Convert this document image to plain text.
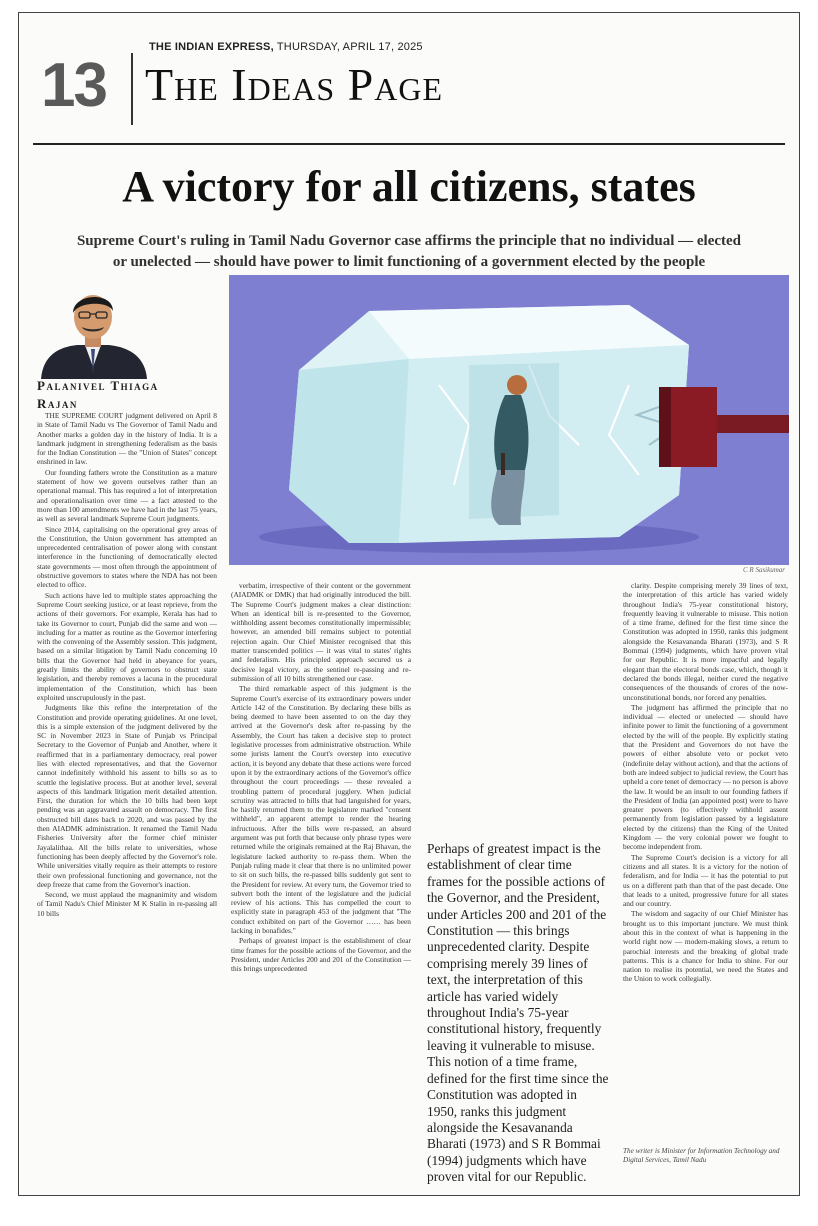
13
THE INDIAN EXPRESS, THURSDAY, APRIL 17, 2025
The Ideas Page
A victory for all citizens, states
Supreme Court's ruling in Tamil Nadu Governor case affirms the principle that no individual — elected or unelected — should have power to limit functioning of a government elected by the people
Palanivel Thiaga Rajan
C R Sasikumar

THE SUPREME COURT judgment delivered on April 8 in State of Tamil Nadu vs The Governor of Tamil Nadu and Another marks a golden day in the history of India. It is a landmark judgment in strengthening federalism as the basis for the Indian Constitution — the "Union of States" concept enshrined in law.

Our founding fathers wrote the Constitution as a mature statement of how we govern ourselves rather than an operational manual. This has required a lot of interpretation and operationalisation over time — a fact attested to the more than 100 amendments we have had in the last 75 years, as well as several landmark Supreme Court judgments.

Since 2014, capitalising on the operational grey areas of the Constitution, the Union government has attempted an unprecedented centralisation of power along with constant interference in the functioning of democratically elected state governments — most often through the appointment of obstructive governors to states where the NDA has not been elected to office.

Such actions have led to multiple states approaching the Supreme Court seeking justice, or at least reprieve, from the actions of their governors. For example, Kerala has had to take its Governor to court, Punjab did the same and won — including for a matter as routine as the Governor interfering with the convening of the Assembly session. This judgment, based on a similar litigation by Tamil Nadu concerning 10 bills that the Governor had held in abeyance for years, greatly limits the ability of governors to obstruct state legislation, and thereby removes a lacuna in the procedural implementation of the Constitution, which has been exploited unscrupulously in the past.

Judgments like this refine the interpretation of the Constitution and provide operating guidelines. At one level, this is a simple extension of the judgment delivered by the SC in November 2023 in State of Punjab vs Principal Secretary to the Governor of Punjab and Another, where it reaffirmed that in a parliamentary democracy, real power lies with elected representatives, and that the Governor cannot indefinitely withhold his assent to bills so as to scuttle the legislative process. But at another level, several aspects of this landmark litigation merit detailed attention. First, the duration for which the 10 bills had been kept pending was an aggravated assault on democracy. The first obstructed bill dates back to 2020, and was passed by the then AIADMK administration. It renamed the Tamil Nadu Fisheries University after the former chief minister Jayalalithaa. All the bills relate to universities, whose functioning has been deeply affected by the Governor's role. While universities vitally require as their attempts to restore their own professional functioning and governance, not the deep freeze that came from the Governor's inaction.

Second, we must applaud the magnanimity and wisdom of Tamil Nadu's Chief Minister M K Stalin in re-passing all 10 bills

verbatim, irrespective of their content or the government (AIADMK or DMK) that had originally introduced the bill. The Supreme Court's judgment makes a clear distinction: When an identical bill is re-presented to the Governor, withholding assent becomes constitutionally impermissible; however, an amended bill remains subject to potential rejection again. Our Chief Minister recognised that this matter transcended politics — it was vital to states' rights and federalism. His principled approach secured us a decisive legal victory, as the sentinel re-passing and re-submission of all 10 bills strengthened our case.

The third remarkable aspect of this judgment is the Supreme Court's exercise of its extraordinary powers under Article 142 of the Constitution. By declaring these bills as being deemed to have been assented to on the day they arrived at the Governor's desk after re-passing by the Assembly, the Court has taken a decisive step to protect legislative processes from administrative obstruction. While some jurists lament the Court's overstep into executive action, it is beyond any debate that these actions were forced upon it by the extraordinary actions of the Governor's office throughout the court proceedings — these revealed a troubling pattern of procedural jugglery. When judicial scrutiny was attracted to bills that had languished for years, he hastily returned them to the legislature marked "consent withheld", an apparent attempt to render the hearing infructuous. After the bills were re-passed, an absurd argument was put forth that because only phrase types were returned while the originals remained at the Raj Bhavan, the legislature lacked authority to re-pass them. When the Punjab ruling made it clear that there is no unlimited power to sit on such bills, the re-passed bills suddenly got sent to the President for review. At every turn, the Governor tried to subvert both the intent of the legislature and the judicial review of his actions. This has compelled the court to explicitly state in paragraph 453 of the judgment that "The conduct exhibited on part of the Governor …… has been lacking in bonafides."

Perhaps of greatest impact is the establishment of clear time frames for the possible actions of the Governor, and the President, under Articles 200 and 201 of the Constitution — this brings unprecedented

Perhaps of greatest impact is the establishment of clear time frames for the possible actions of the Governor, and the President, under Articles 200 and 201 of the Constitution — this brings unprecedented clarity. Despite comprising merely 39 lines of text, the interpretation of this article has varied widely throughout India's 75-year constitutional history, frequently leaving it vulnerable to misuse. This notion of a time frame, defined for the first time since the Constitution was adopted in 1950, ranks this judgment alongside the Kesavananda Bharati (1973) and S R Bommai (1994) judgments which have proven vital for our Republic.

clarity. Despite comprising merely 39 lines of text, the interpretation of this article has varied widely throughout India's 75-year constitutional history, frequently leaving it vulnerable to misuse. This notion of a time frame, defined for the first time since the Constitution was adopted in 1950, ranks this judgment alongside the Kesavananda Bharati (1973), and S R Bommai (1994) judgments, which have proven vital for our Republic. It is more impactful and legally elegant than the electoral bonds case, which, though it declared the bonds illegal, neither cured the negative consequences of the thousands of crores of the now-unconstitutional bonds, nor forced any penalties.

The judgment has affirmed the principle that no individual — elected or unelected — should have infinite power to limit the functioning of a government elected by the will of the people. By explicitly stating that the President and Governors do not have the powers of either absolute veto or pocket veto (indefinite delay without action), and that the actions of both are indeed subject to judicial review, the Court has upheld a core tenet of democracy — no person is above the law. It would be an insult to our founding fathers if the President of India (an appointed post) were to have greater powers (to effectively withhold assent permanently from legislation passed by a legislature elected by the citizens) than the King of the United Kingdom — the very colonial power we fought to become independent from.

The Supreme Court's decision is a victory for all citizens and all states. It is a victory for the notion of federalism, and for India — it has the potential to put us on a different path than that of the past decade. One that leads to a united, progressive future for all states and our country.

The wisdom and sagacity of our Chief Minister has brought us to this important juncture. We must think about this in the context of what is happening in the world right now — modern-making slows, a return to parochial interests and the breaking of global trade patterns. This is a chance for India to shine. For our nation to realise its potential, we need the States and the Union to work collegially.

The writer is Minister for Information Technology and Digital Services, Tamil Nadu
